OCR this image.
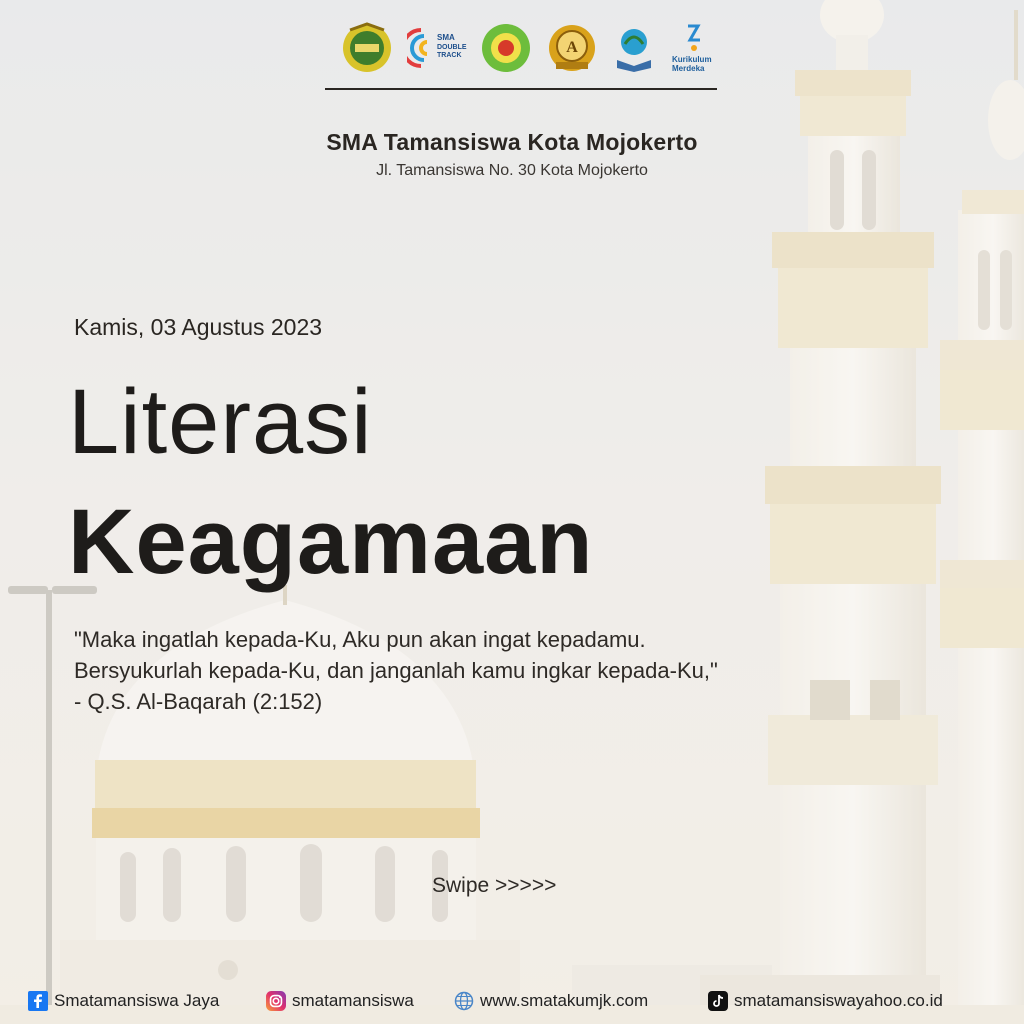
SMA
DOUBLE
TRACK	A
Kurikulum
Merdeka
SMA Tamansiswa Kota Mojokerto
Jl. Tamansiswa No. 30 Kota Mojokerto
Kamis, 03 Agustus 2023
Literasi
Keagamaan
"Maka ingatlah kepada-Ku, Aku pun akan ingat kepadamu.
Bersyukurlah kepada-Ku, dan janganlah kamu ingkar kepada-Ku,"
- Q.S. Al-Baqarah (2:152)
Swipe >>>>>
Smatamansiswa Jaya	smatamansiswa	www.smatakumjk.com	smatamansiswayahoo.co.id
